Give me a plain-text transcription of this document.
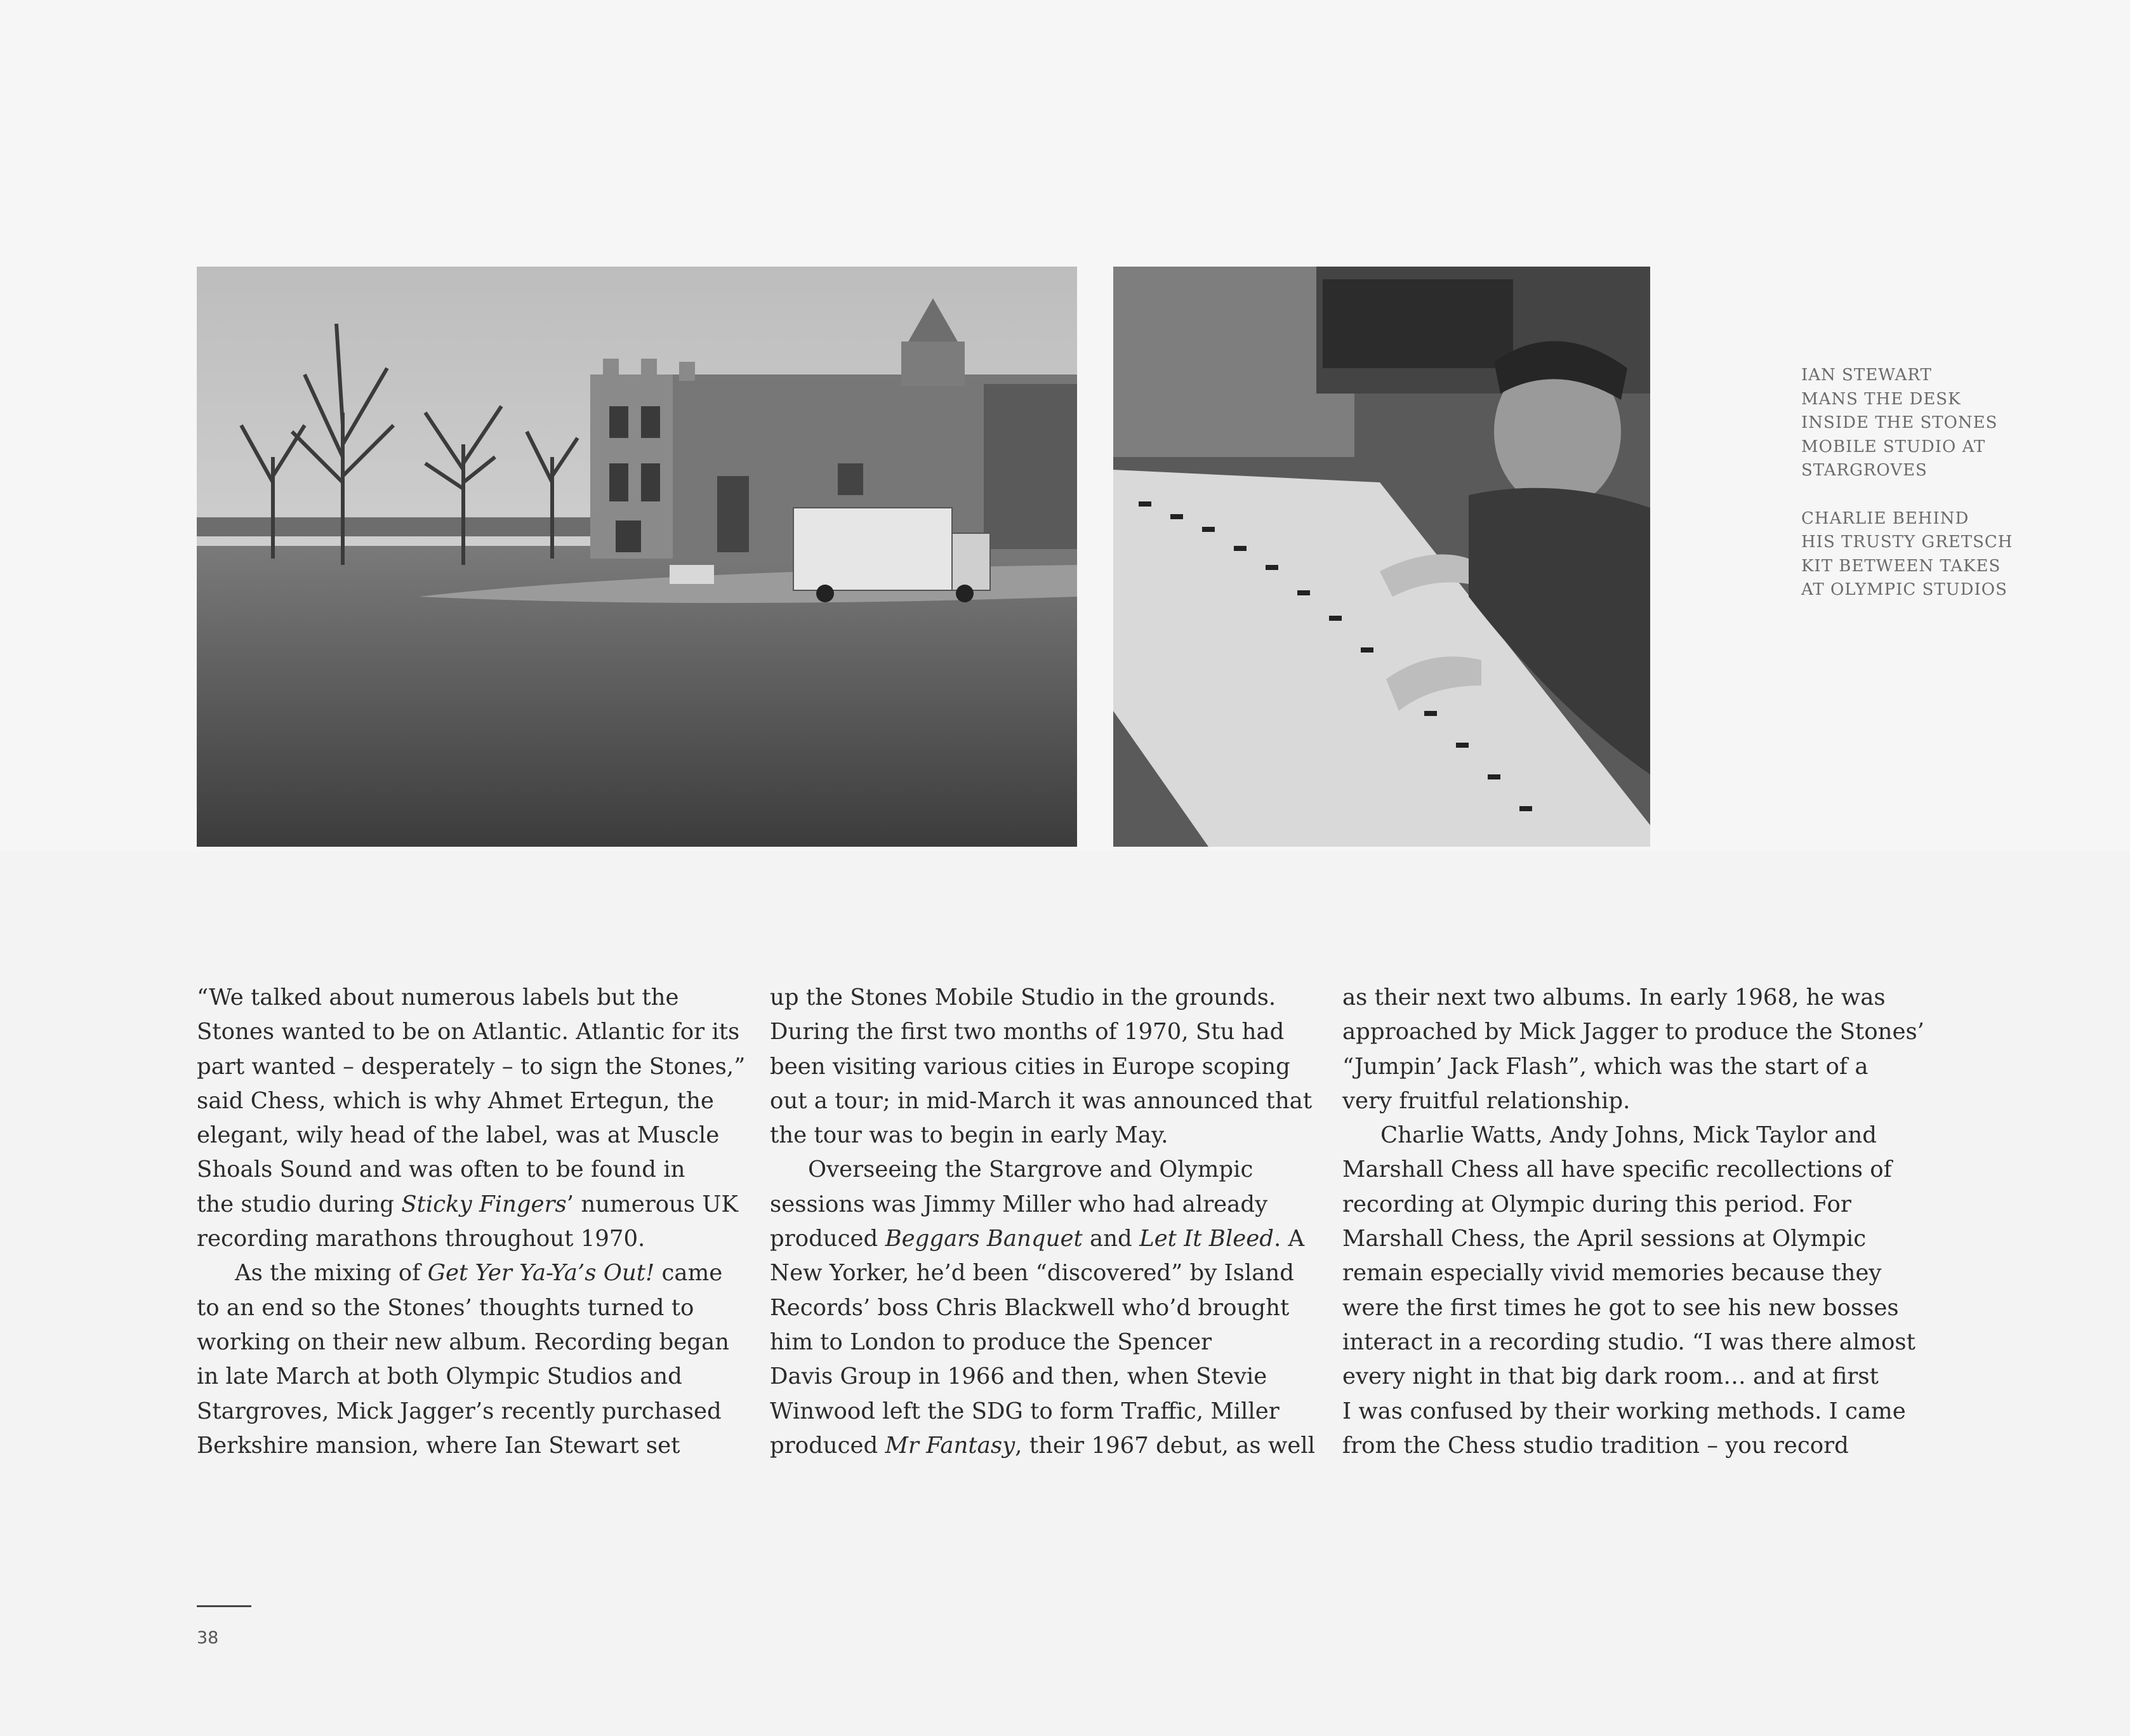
IAN STEWART
MANS THE DESK
INSIDE THE STONES
MOBILE STUDIO AT
STARGROVES
CHARLIE BEHIND
HIS TRUSTY GRETSCH
KIT BETWEEN TAKES
AT OLYMPIC STUDIOS
“We talked about numerous labels but the
Stones wanted to be on Atlantic. Atlantic for its
part wanted – desperately – to sign the Stones,”
said Chess, which is why Ahmet Ertegun, the
elegant, wily head of the label, was at Muscle
Shoals Sound and was often to be found in
the studio during Sticky Fingers’ numerous UK
recording marathons throughout 1970.
As the mixing of Get Yer Ya-Ya’s Out! came
to an end so the Stones’ thoughts turned to
working on their new album. Recording began
in late March at both Olympic Studios and
Stargroves, Mick Jagger’s recently purchased
Berkshire mansion, where Ian Stewart set
up the Stones Mobile Studio in the grounds.
During the first two months of 1970, Stu had
been visiting various cities in Europe scoping
out a tour; in mid-March it was announced that
the tour was to begin in early May.
Overseeing the Stargrove and Olympic
sessions was Jimmy Miller who had already
produced Beggars Banquet and Let It Bleed. A
New Yorker, he’d been “discovered” by Island
Records’ boss Chris Blackwell who’d brought
him to London to produce the Spencer
Davis Group in 1966 and then, when Stevie
Winwood left the SDG to form Traffic, Miller
produced Mr Fantasy, their 1967 debut, as well
as their next two albums. In early 1968, he was
approached by Mick Jagger to produce the Stones’
“Jumpin’ Jack Flash”, which was the start of a
very fruitful relationship.
Charlie Watts, Andy Johns, Mick Taylor and
Marshall Chess all have specific recollections of
recording at Olympic during this period. For
Marshall Chess, the April sessions at Olympic
remain especially vivid memories because they
were the first times he got to see his new bosses
interact in a recording studio. “I was there almost
every night in that big dark room… and at first
I was confused by their working methods. I came
from the Chess studio tradition – you record
38
